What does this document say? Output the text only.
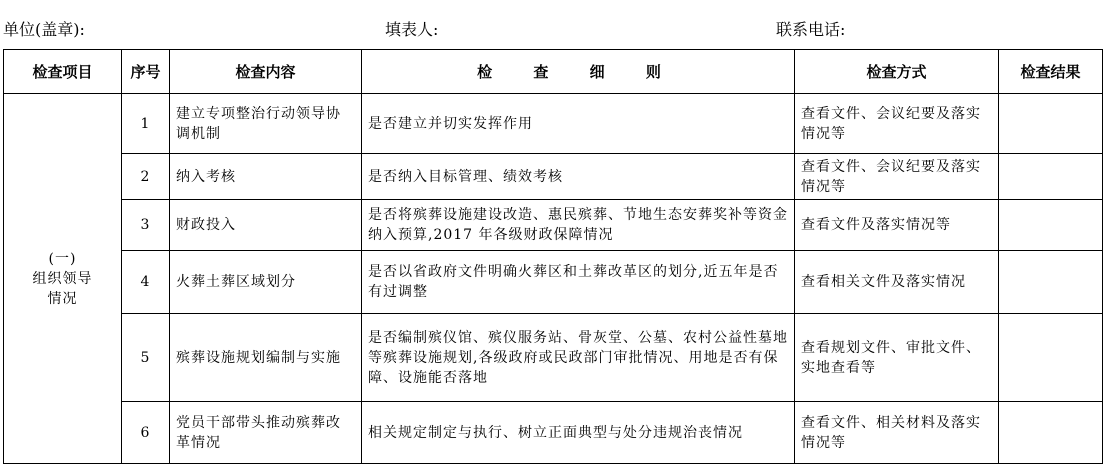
单位(盖章):	填表人:	联系电话:
检查项目	序号	检查内容	检 查 细 则	检查方式	检查结果
(一)
组织领导
情况	1	建立专项整治行动领导协调机制	是否建立并切实发挥作用	查看文件、会议纪要及落实情况等	
	2	纳入考核	是否纳入目标管理、绩效考核	查看文件、会议纪要及落实情况等	
	3	财政投入	是否将殡葬设施建设改造、惠民殡葬、节地生态安葬奖补等资金纳入预算,2017 年各级财政保障情况	查看文件及落实情况等	
	4	火葬土葬区域划分	是否以省政府文件明确火葬区和土葬改革区的划分,近五年是否有过调整	查看相关文件及落实情况	
	5	殡葬设施规划编制与实施	是否编制殡仪馆、殡仪服务站、骨灰堂、公墓、农村公益性墓地等殡葬设施规划,各级政府或民政部门审批情况、用地是否有保障、设施能否落地	查看规划文件、审批文件、实地查看等	
	6	党员干部带头推动殡葬改革情况	相关规定制定与执行、树立正面典型与处分违规治丧情况	查看文件、相关材料及落实情况等	
